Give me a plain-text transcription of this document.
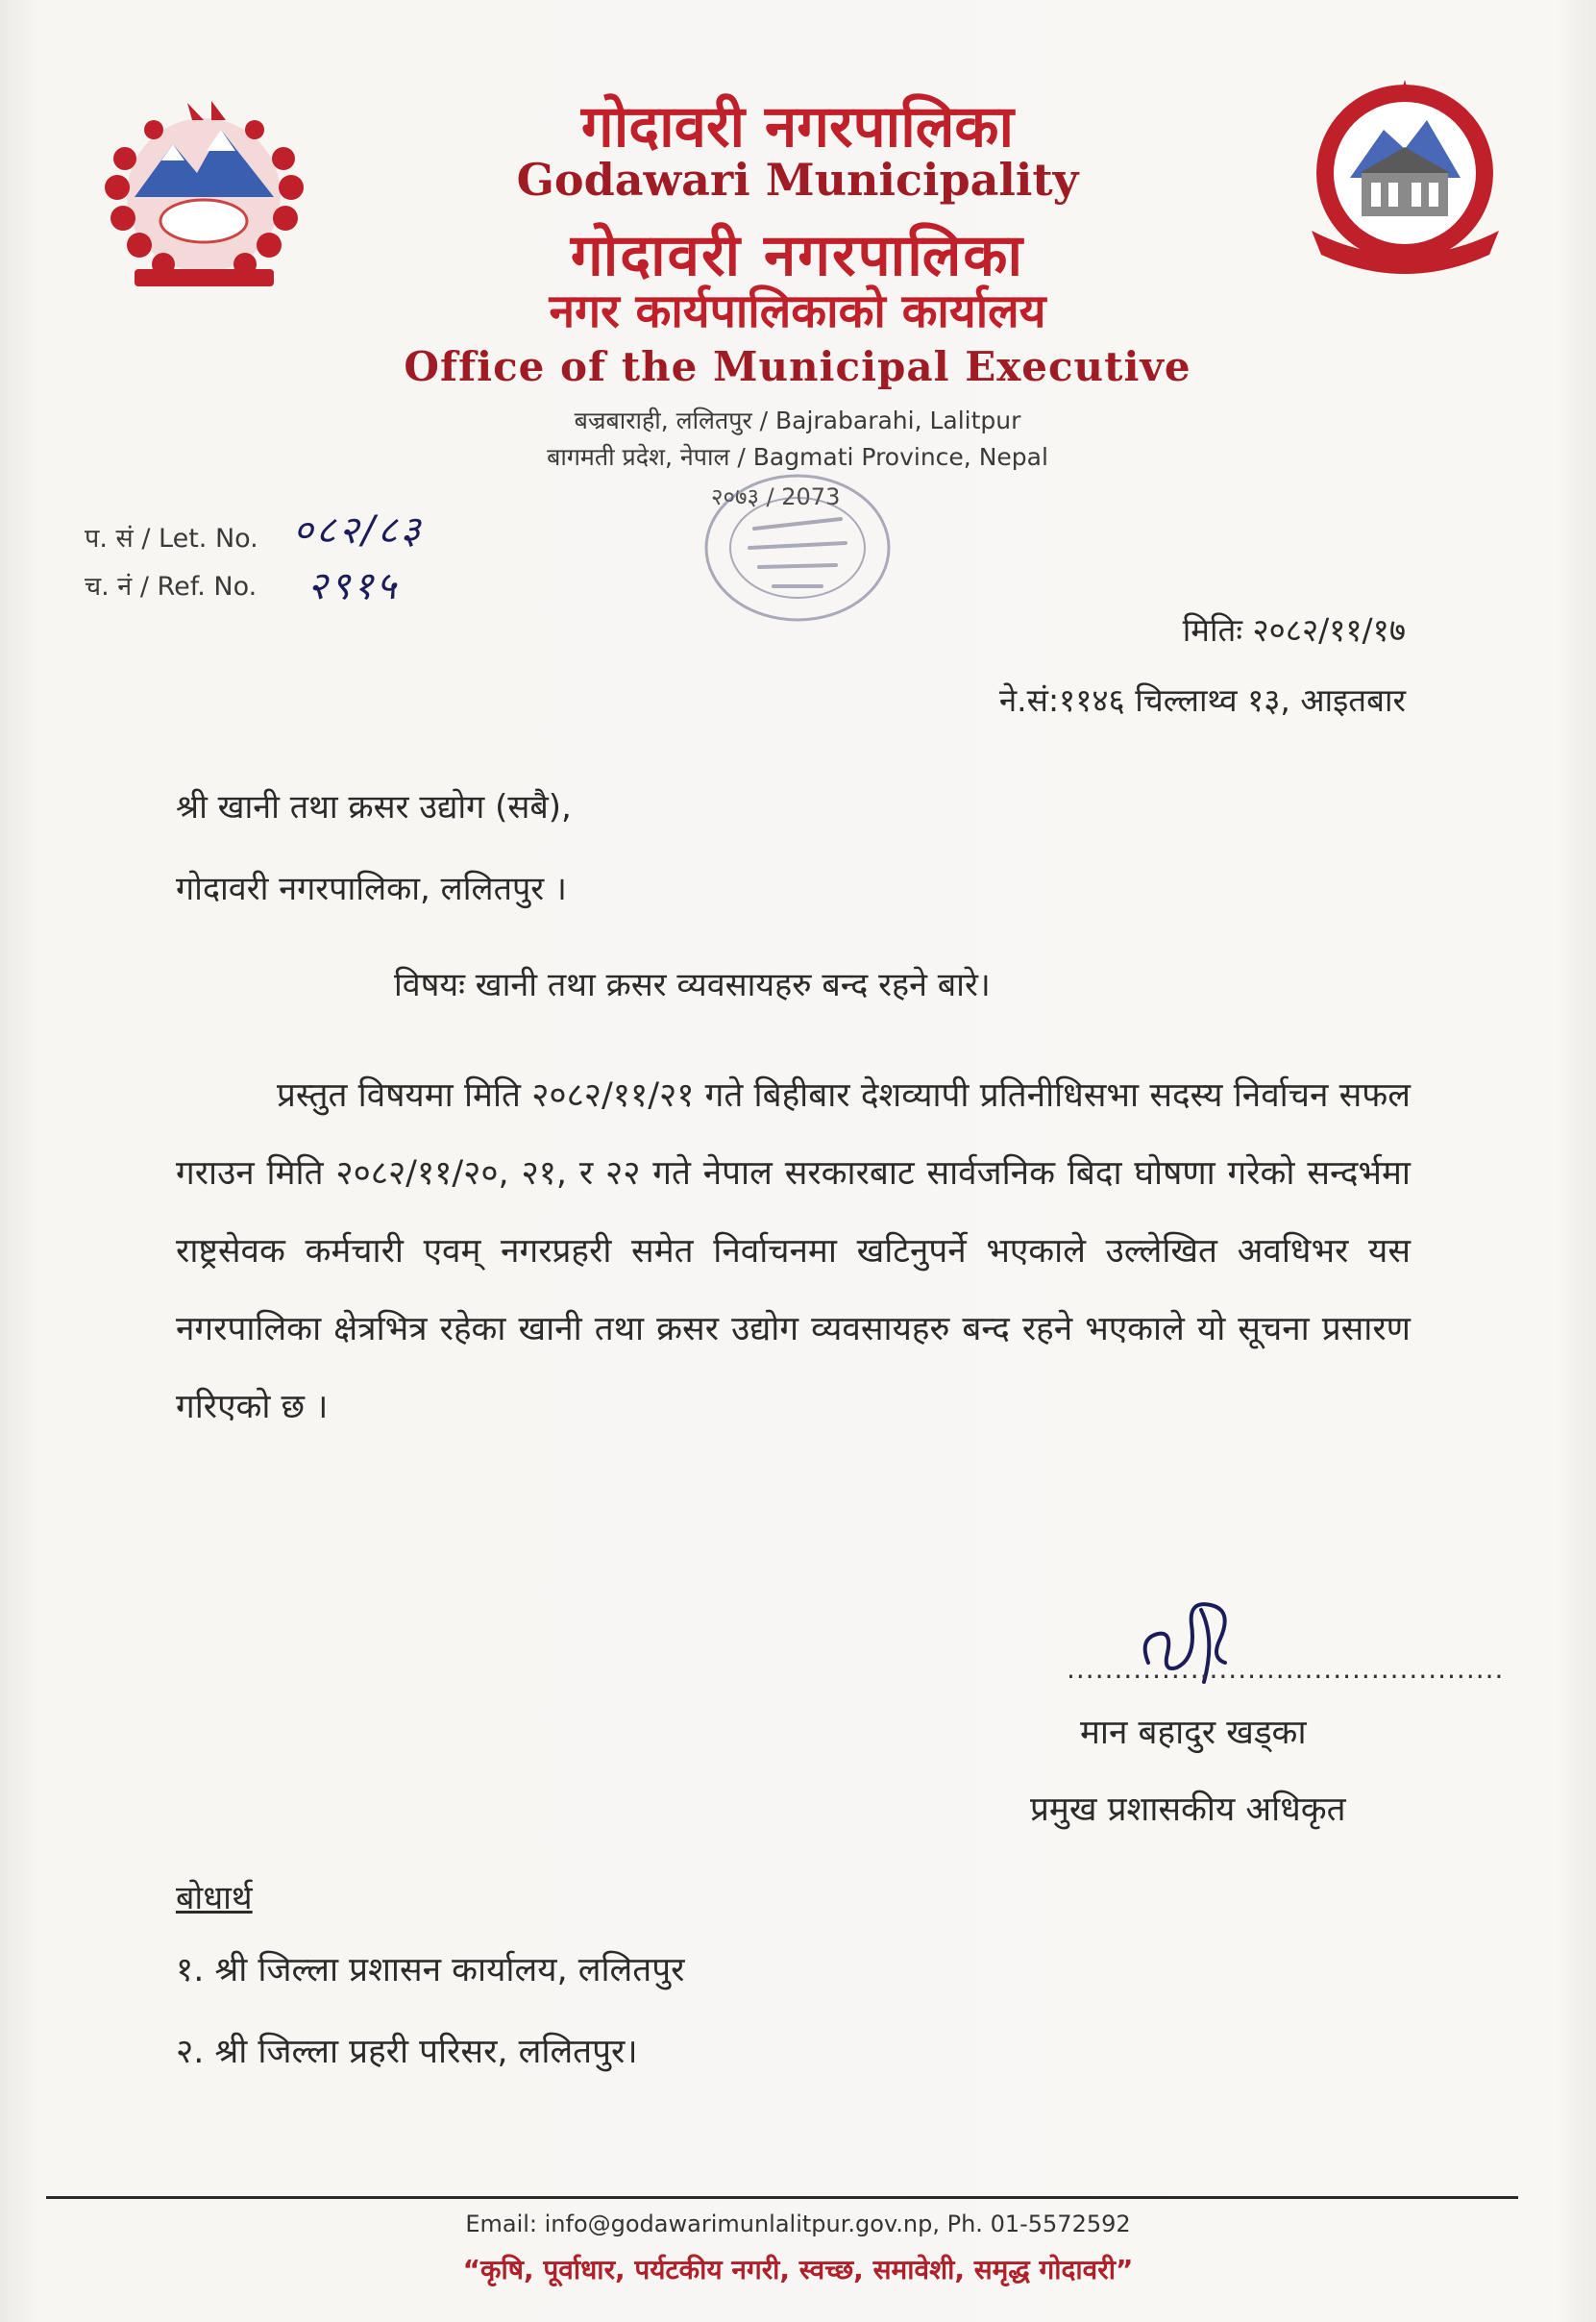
गोदावरी नगरपालिका
Godawari Municipality
गोदावरी नगरपालिका
नगर कार्यपालिकाको कार्यालय
Office of the Municipal Executive
बज्रबाराही, ललितपुर / Bajrabarahi, Lalitpur
बागमती प्रदेश, नेपाल / Bagmati Province, Nepal
२०७३ / 2073
प. सं / Let. No. ०८२/८३
च. नं / Ref. No. २९१५
मितिः २०८२/११/१७
ने.सं:११४६ चिल्लाथ्व १३, आइतबार
श्री खानी तथा क्रसर उद्योग (सबै),
गोदावरी नगरपालिका, ललितपुर ।
विषयः खानी तथा क्रसर व्यवसायहरु बन्द रहने बारे।

प्रस्तुत विषयमा मिति २०८२/११/२१ गते बिहीबार देशव्यापी प्रतिनीधिसभा सदस्य निर्वाचन सफल गराउन मिति २०८२/११/२०, २१, र २२ गते नेपाल सरकारबाट सार्वजनिक बिदा घोषणा गरेको सन्दर्भमा राष्ट्रसेवक कर्मचारी एवम् नगरप्रहरी समेत निर्वाचनमा खटिनुपर्ने भएकाले उल्लेखित अवधिभर यस नगरपालिका क्षेत्रभित्र रहेका खानी तथा क्रसर उद्योग व्यवसायहरु बन्द रहने भएकाले यो सूचना प्रसारण गरिएको छ ।

..............................................
मान बहादुर खड्का
प्रमुख प्रशासकीय अधिकृत
बोधार्थ
१. श्री जिल्ला प्रशासन कार्यालय, ललितपुर
२. श्री जिल्ला प्रहरी परिसर, ललितपुर।
Email: info@godawarimunlalitpur.gov.np, Ph. 01-5572592
“कृषि, पूर्वाधार, पर्यटकीय नगरी, स्वच्छ, समावेशी, समृद्ध गोदावरी”
